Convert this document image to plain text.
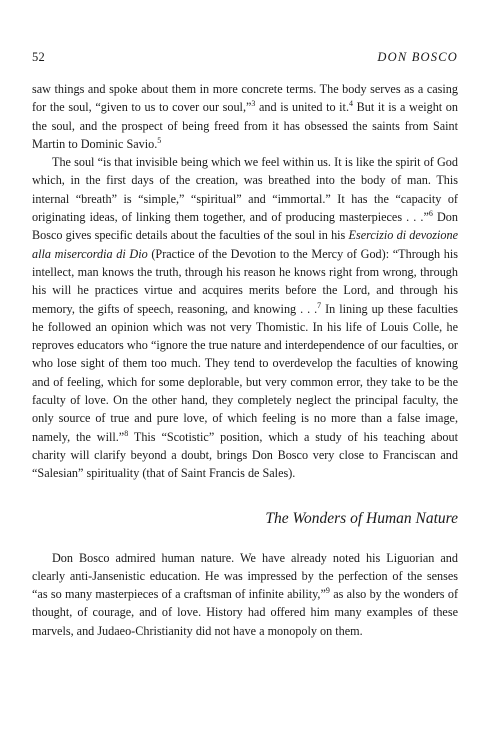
52	DON BOSCO

saw things and spoke about them in more concrete terms. The body serves as a casing for the soul, “given to us to cover our soul,”$^3$ and is united to it.$^4$ But it is a weight on the soul, and the prospect of being freed from it has obsessed the saints from Saint Martin to Dominic Savio.$^5$

The soul “is that invisible being which we feel within us. It is like the spirit of God which, in the first days of the creation, was breathed into the body of man. This internal “breath” is “simple,” “spiritual” and “immortal.” It has the “capacity of originating ideas, of linking them together, and of producing masterpieces . . .”$^6$ Don Bosco gives specific details about the faculties of the soul in his Esercizio di devozione alla misercordia di Dio (Practice of the Devotion to the Mercy of God): “Through his intellect, man knows the truth, through his reason he knows right from wrong, through his will he practices virtue and acquires merits before the Lord, and through his memory, the gifts of speech, reasoning, and knowing . . .$^7$ In lining up these faculties he followed an opinion which was not very Thomistic. In his life of Louis Colle, he reproves educators who “ignore the true nature and interdependence of our faculties, or who lose sight of them too much. They tend to overdevelop the faculties of knowing and of feeling, which for some deplorable, but very common error, they take to be the faculty of love. On the other hand, they completely neglect the principal faculty, the only source of true and pure love, of which feeling is no more than a false image, namely, the will.”$^8$ This “Scotistic” position, which a study of his teaching about charity will clarify beyond a doubt, brings Don Bosco very close to Franciscan and “Salesian” spirituality (that of Saint Francis de Sales).

The Wonders of Human Nature

Don Bosco admired human nature. We have already noted his Liguorian and clearly anti-Jansenistic education. He was impressed by the perfection of the senses “as so many masterpieces of a craftsman of infinite ability,”$^9$ as also by the wonders of thought, of courage, and of love. History had offered him many examples of these marvels, and Judaeo-Christianity did not have a monopoly on them.
